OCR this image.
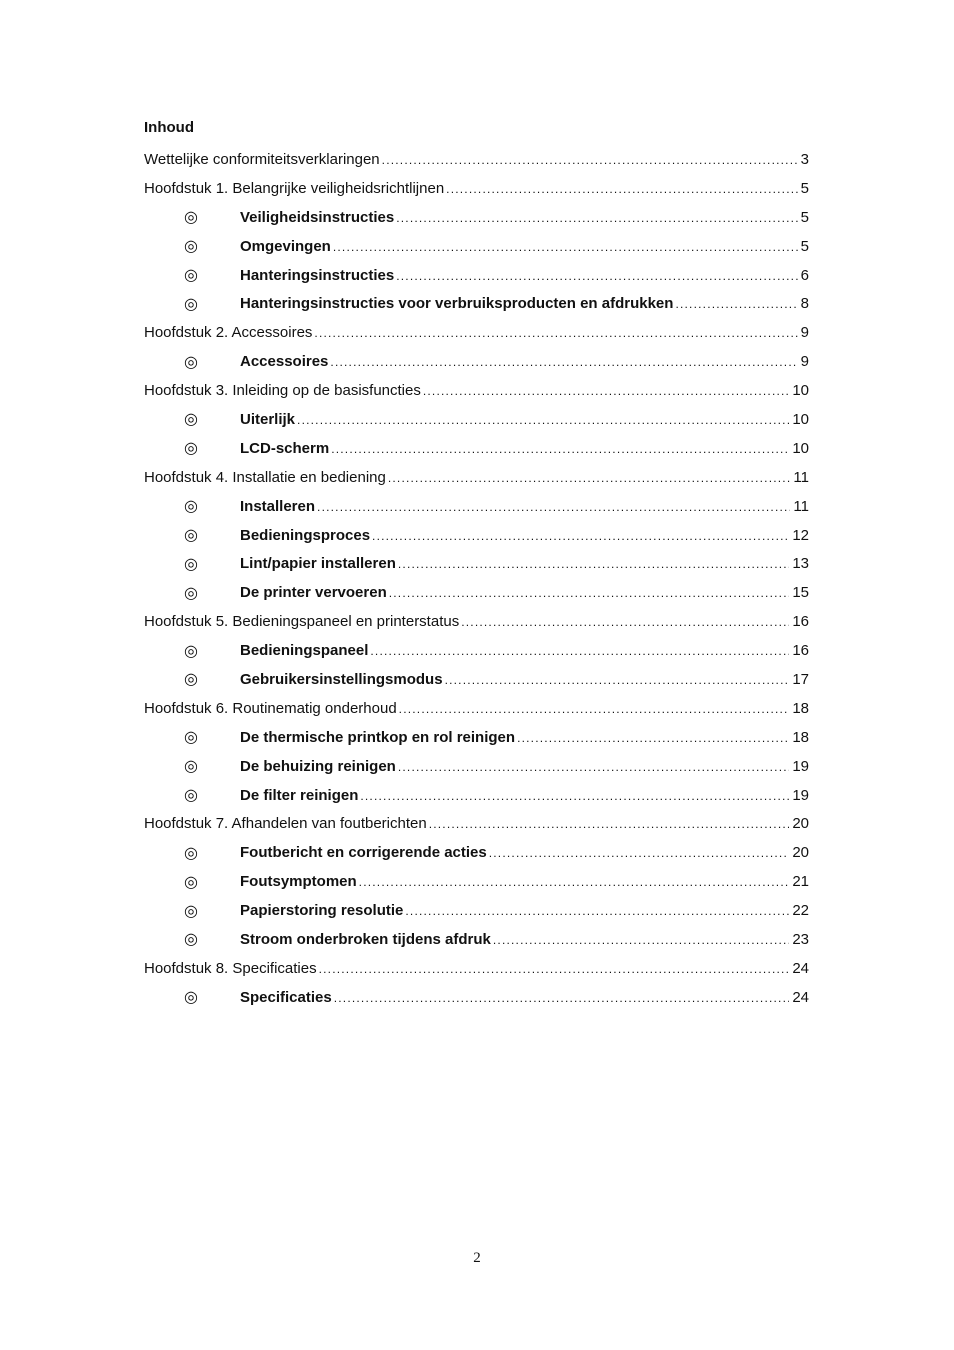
Inhoud
Wettelijke conformiteitsverklaringen .....	3
Hoofdstuk 1. Belangrijke veiligheidsrichtlijnen .....	5
◎	Veiligheidsinstructies .....	5
◎	Omgevingen .....	5
◎	Hanteringsinstructies .....	6
◎	Hanteringsinstructies voor verbruiksproducten en afdrukken .....	8
Hoofdstuk 2. Accessoires .....	9
◎	Accessoires .....	9
Hoofdstuk 3. Inleiding op de basisfuncties .....	10
◎	Uiterlijk .....	10
◎	LCD-scherm .....	10
Hoofdstuk 4. Installatie en bediening .....	11
◎	Installeren .....	11
◎	Bedieningsproces .....	12
◎	Lint/papier installeren .....	13
◎	De printer vervoeren .....	15
Hoofdstuk 5. Bedieningspaneel en printerstatus .....	16
◎	Bedieningspaneel .....	16
◎	Gebruikersinstellingsmodus .....	17
Hoofdstuk 6. Routinematig onderhoud .....	18
◎	De thermische printkop en rol reinigen .....	18
◎	De behuizing reinigen .....	19
◎	De filter reinigen .....	19
Hoofdstuk 7. Afhandelen van foutberichten .....	20
◎	Foutbericht en corrigerende acties .....	20
◎	Foutsymptomen .....	21
◎	Papierstoring resolutie .....	22
◎	Stroom onderbroken tijdens afdruk .....	23
Hoofdstuk 8. Specificaties .....	24
◎	Specificaties .....	24
2
